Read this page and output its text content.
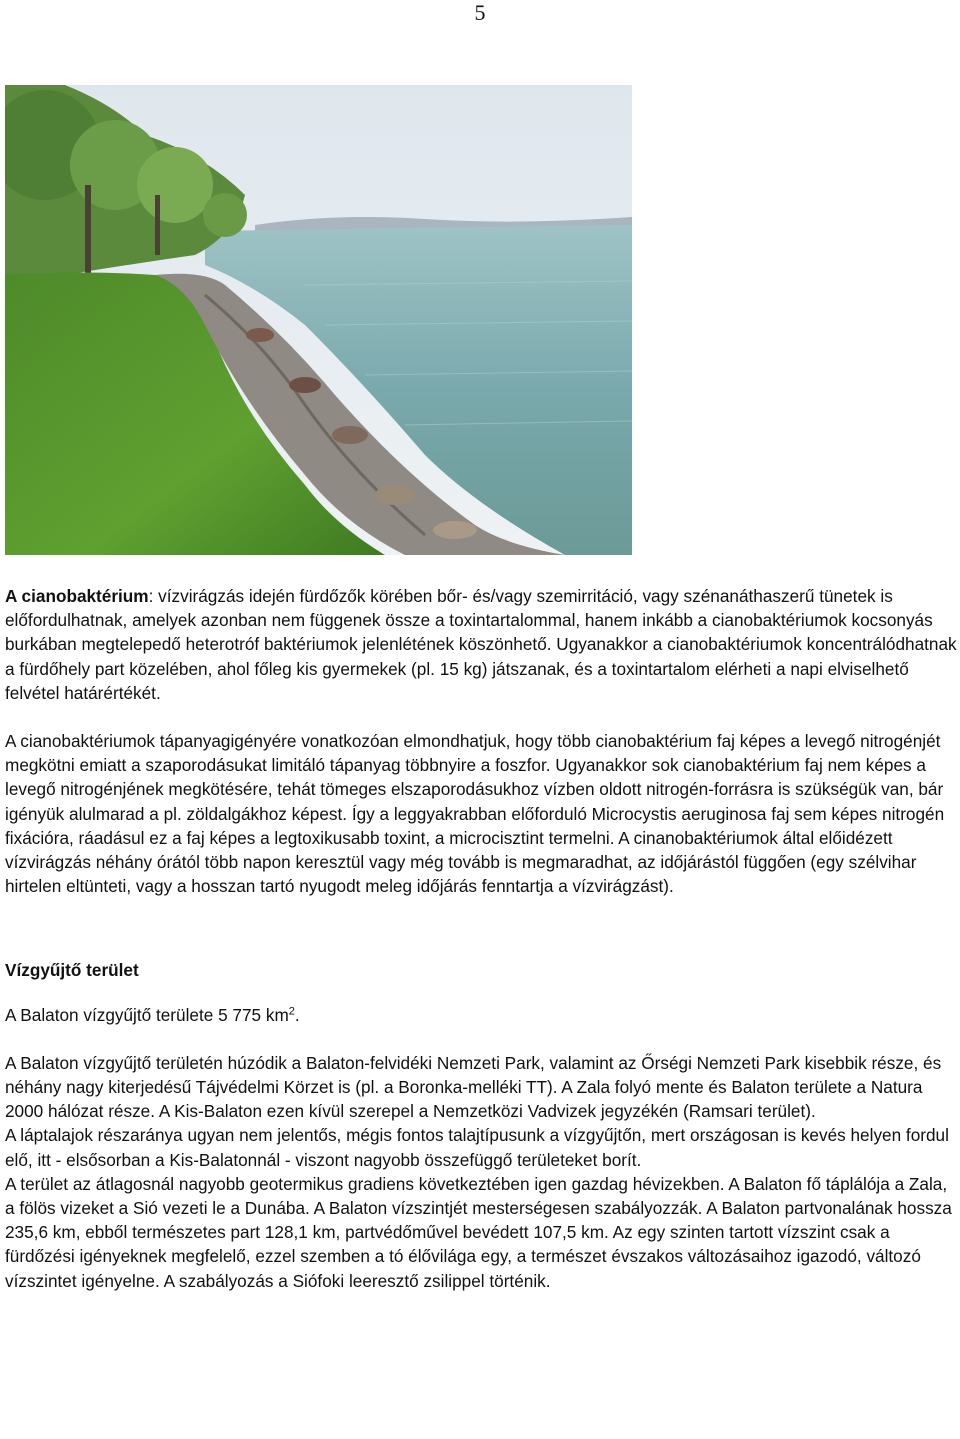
5

A cianobaktérium: vízvirágzás idején fürdőzők körében bőr- és/vagy szemirritáció, vagy szénanáthaszerű tünetek is előfordulhatnak, amelyek azonban nem függenek össze a toxintartalommal, hanem inkább a cianobaktériumok kocsonyás burkában megtelepedő heterotróf baktériumok jelenlétének köszönhető. Ugyanakkor a cianobaktériumok koncentrálódhatnak a fürdőhely part közelében, ahol főleg kis gyermekek (pl. 15 kg) játszanak, és a toxintartalom elérheti a napi elviselhető felvétel határértékét.

A cianobaktériumok tápanyagigényére vonatkozóan elmondhatjuk, hogy több cianobaktérium faj képes a levegő nitrogénjét megkötni emiatt a szaporodásukat limitáló tápanyag többnyire a foszfor. Ugyanakkor sok cianobaktérium faj nem képes a levegő nitrogénjének megkötésére, tehát tömeges elszaporodásukhoz vízben oldott nitrogén-forrásra is szükségük van, bár igényük alulmarad a pl. zöldalgákhoz képest. Így a leggyakrabban előforduló Microcystis aeruginosa faj sem képes nitrogén fixációra, ráadásul ez a faj képes a legtoxikusabb toxint, a microcisztint termelni. A cinanobaktériumok által előidézett vízvirágzás néhány órától több napon keresztül vagy még tovább is megmaradhat, az időjárástól függően (egy szélvihar hirtelen eltünteti, vagy a hosszan tartó nyugodt meleg időjárás fenntartja a vízvirágzást).

Vízgyűjtő terület

A Balaton vízgyűjtő területe 5 775 $km^2$.

A Balaton vízgyűjtő területén húzódik a Balaton-felvidéki Nemzeti Park, valamint az Őrségi Nemzeti Park kisebbik része, és néhány nagy kiterjedésű Tájvédelmi Körzet is (pl. a Boronka-melléki TT). A Zala folyó mente és Balaton területe a Natura 2000 hálózat része. A Kis-Balaton ezen kívül szerepel a Nemzetközi Vadvizek jegyzékén (Ramsari terület).

A láptalajok részaránya ugyan nem jelentős, mégis fontos talajtípusunk a vízgyűjtőn, mert országosan is kevés helyen fordul elő, itt - elsősorban a Kis-Balatonnál - viszont nagyobb összefüggő területeket borít.

A terület az átlagosnál nagyobb geotermikus gradiens következtében igen gazdag hévizekben. A Balaton fő táplálója a Zala, a fölös vizeket a Sió vezeti le a Dunába. A Balaton vízszintjét mesterségesen szabályozzák. A Balaton partvonalának hossza 235,6 km, ebből természetes part 128,1 km, partvédőművel bevédett 107,5 km. Az egy szinten tartott vízszint csak a fürdőzési igényeknek megfelelő, ezzel szemben a tó élővilága egy, a természet évszakos változásaihoz igazodó, változó vízszintet igényelne. A szabályozás a Siófoki leeresztő zsilippel történik.
